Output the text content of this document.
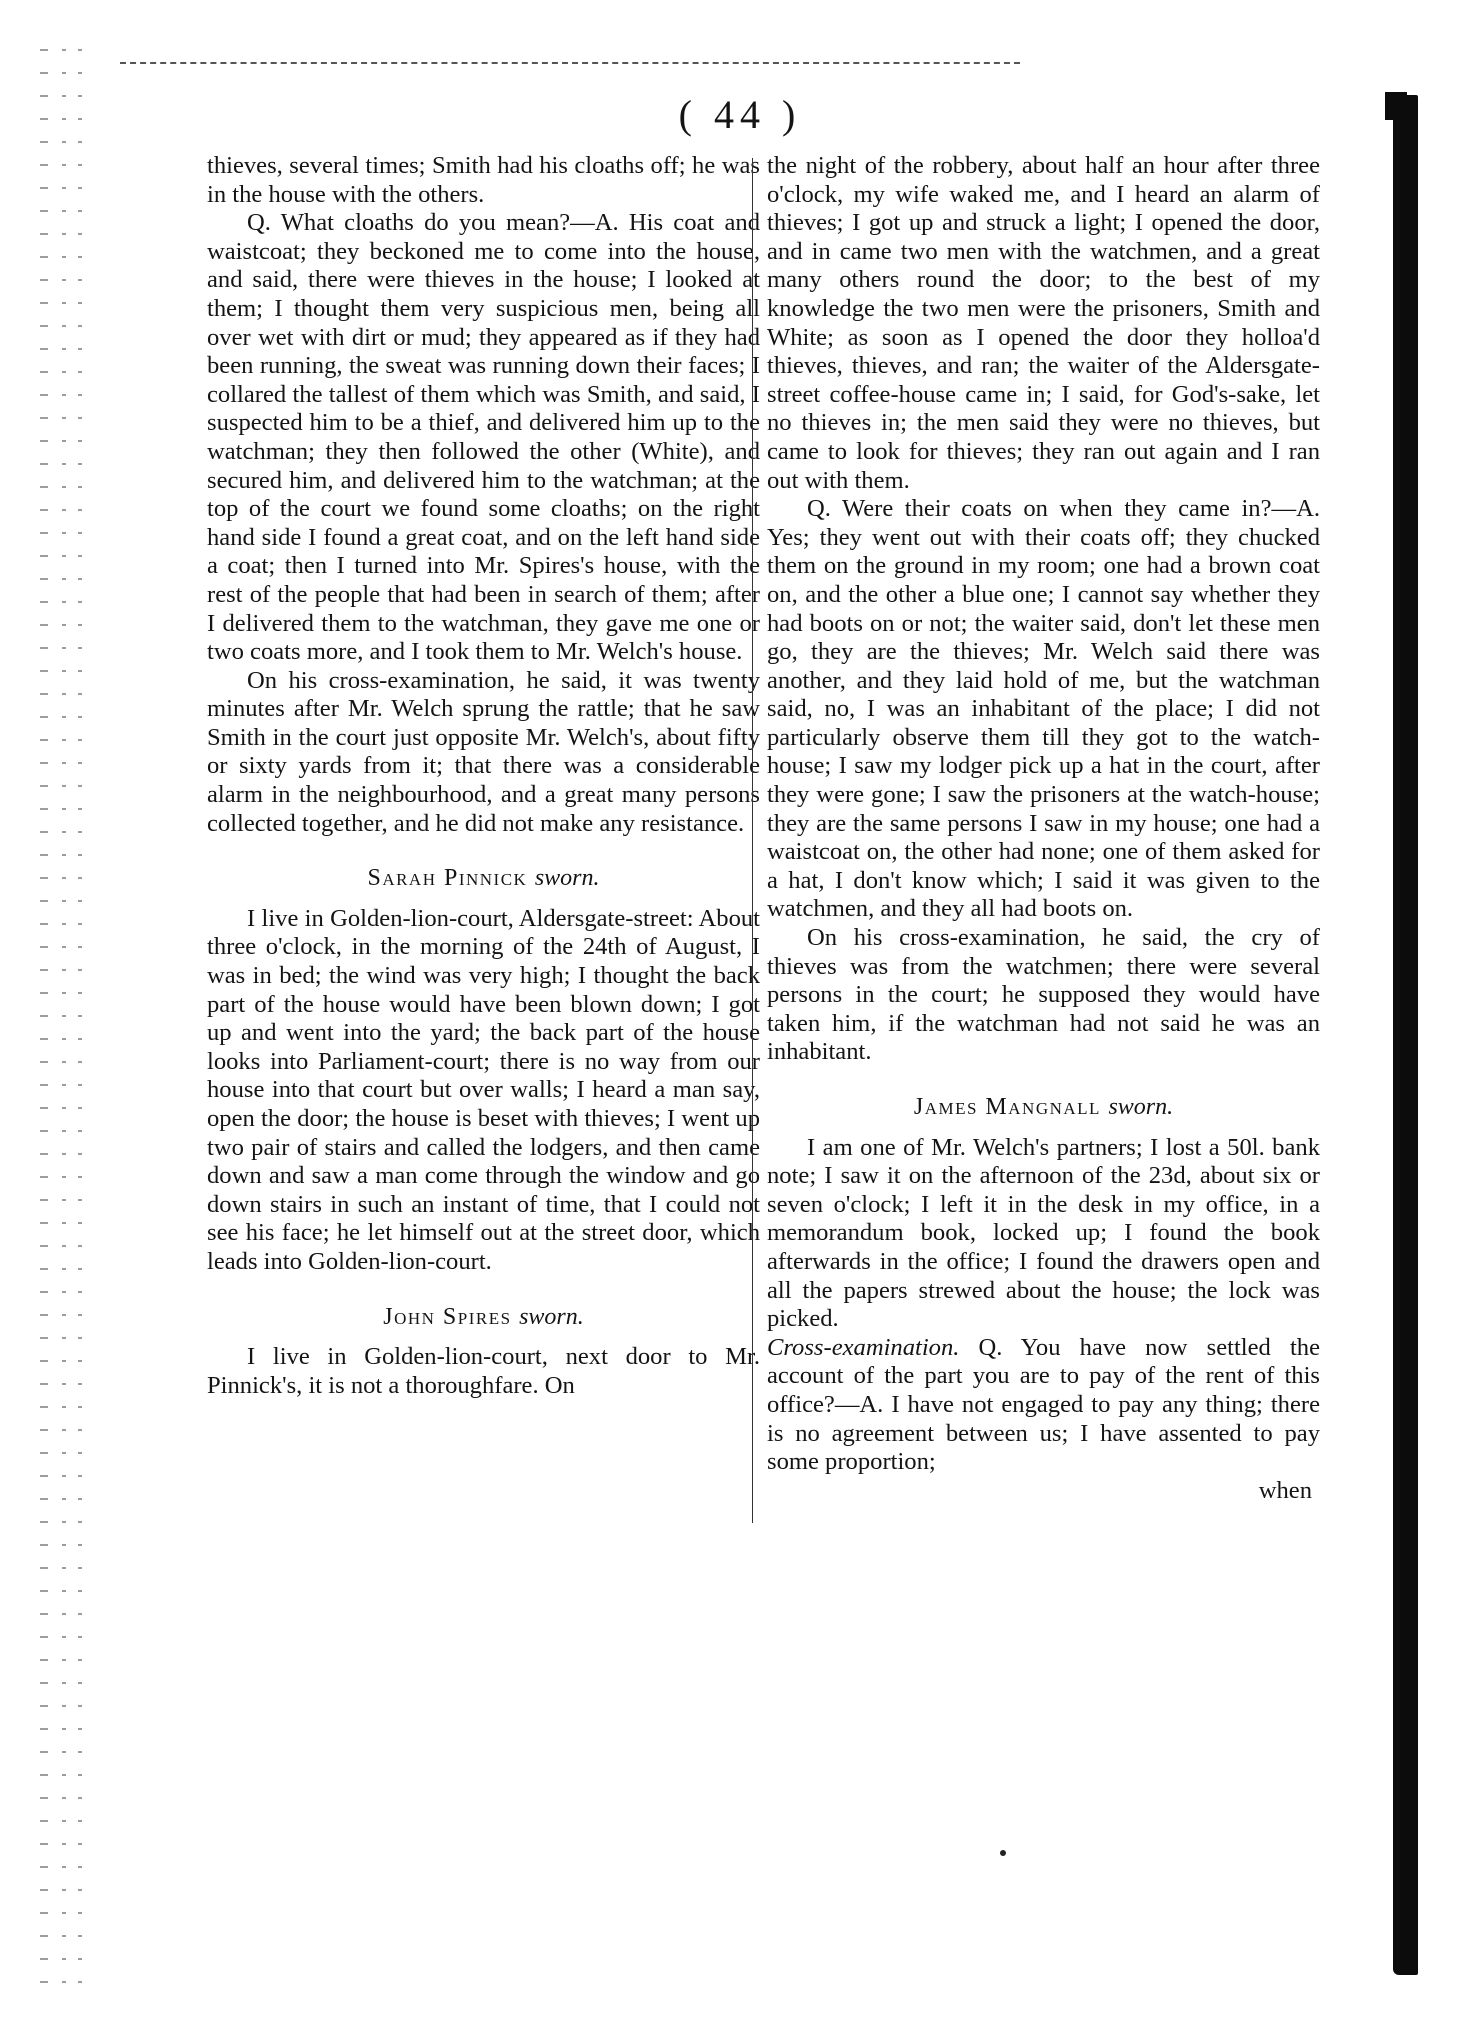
( 44 )

thieves, several times; Smith had his cloaths off; he was in the house with the others.

Q. What cloaths do you mean?—A. His coat and waistcoat; they beckoned me to come into the house, and said, there were thieves in the house; I looked at them; I thought them very suspicious men, being all over wet with dirt or mud; they appeared as if they had been running, the sweat was running down their faces; I collared the tallest of them which was Smith, and said, I suspected him to be a thief, and delivered him up to the watchman; they then followed the other (White), and secured him, and delivered him to the watchman; at the top of the court we found some cloaths; on the right hand side I found a great coat, and on the left hand side a coat; then I turned into Mr. Spires's house, with the rest of the people that had been in search of them; after I delivered them to the watchman, they gave me one or two coats more, and I took them to Mr. Welch's house.

On his cross-examination, he said, it was twenty minutes after Mr. Welch sprung the rattle; that he saw Smith in the court just opposite Mr. Welch's, about fifty or sixty yards from it; that there was a considerable alarm in the neighbourhood, and a great many persons collected together, and he did not make any resistance.

Sarah Pinnick sworn.

I live in Golden-lion-court, Aldersgate-street: About three o'clock, in the morning of the 24th of August, I was in bed; the wind was very high; I thought the back part of the house would have been blown down; I got up and went into the yard; the back part of the house looks into Parliament-court; there is no way from our house into that court but over walls; I heard a man say, open the door; the house is beset with thieves; I went up two pair of stairs and called the lodgers, and then came down and saw a man come through the window and go down stairs in such an instant of time, that I could not see his face; he let himself out at the street door, which leads into Golden-lion-court.

John Spires sworn.

I live in Golden-lion-court, next door to Mr. Pinnick's, it is not a thoroughfare. On

the night of the robbery, about half an hour after three o'clock, my wife waked me, and I heard an alarm of thieves; I got up and struck a light; I opened the door, and in came two men with the watchmen, and a great many others round the door; to the best of my knowledge the two men were the prisoners, Smith and White; as soon as I opened the door they holloa'd thieves, thieves, and ran; the waiter of the Aldersgate-street coffee-house came in; I said, for God's-sake, let no thieves in; the men said they were no thieves, but came to look for thieves; they ran out again and I ran out with them.

Q. Were their coats on when they came in?—A. Yes; they went out with their coats off; they chucked them on the ground in my room; one had a brown coat on, and the other a blue one; I cannot say whether they had boots on or not; the waiter said, don't let these men go, they are the thieves; Mr. Welch said there was another, and they laid hold of me, but the watchman said, no, I was an inhabitant of the place; I did not particularly observe them till they got to the watch-house; I saw my lodger pick up a hat in the court, after they were gone; I saw the prisoners at the watch-house; they are the same persons I saw in my house; one had a waistcoat on, the other had none; one of them asked for a hat, I don't know which; I said it was given to the watchmen, and they all had boots on.

On his cross-examination, he said, the cry of thieves was from the watchmen; there were several persons in the court; he supposed they would have taken him, if the watchman had not said he was an inhabitant.

James Mangnall sworn.

I am one of Mr. Welch's partners; I lost a 50l. bank note; I saw it on the afternoon of the 23d, about six or seven o'clock; I left it in the desk in my office, in a memorandum book, locked up; I found the book afterwards in the office; I found the drawers open and all the papers strewed about the house; the lock was picked.

Cross-examination. Q. You have now settled the account of the part you are to pay of the rent of this office?—A. I have not engaged to pay any thing; there is no agreement between us; I have assented to pay some proportion;

when
